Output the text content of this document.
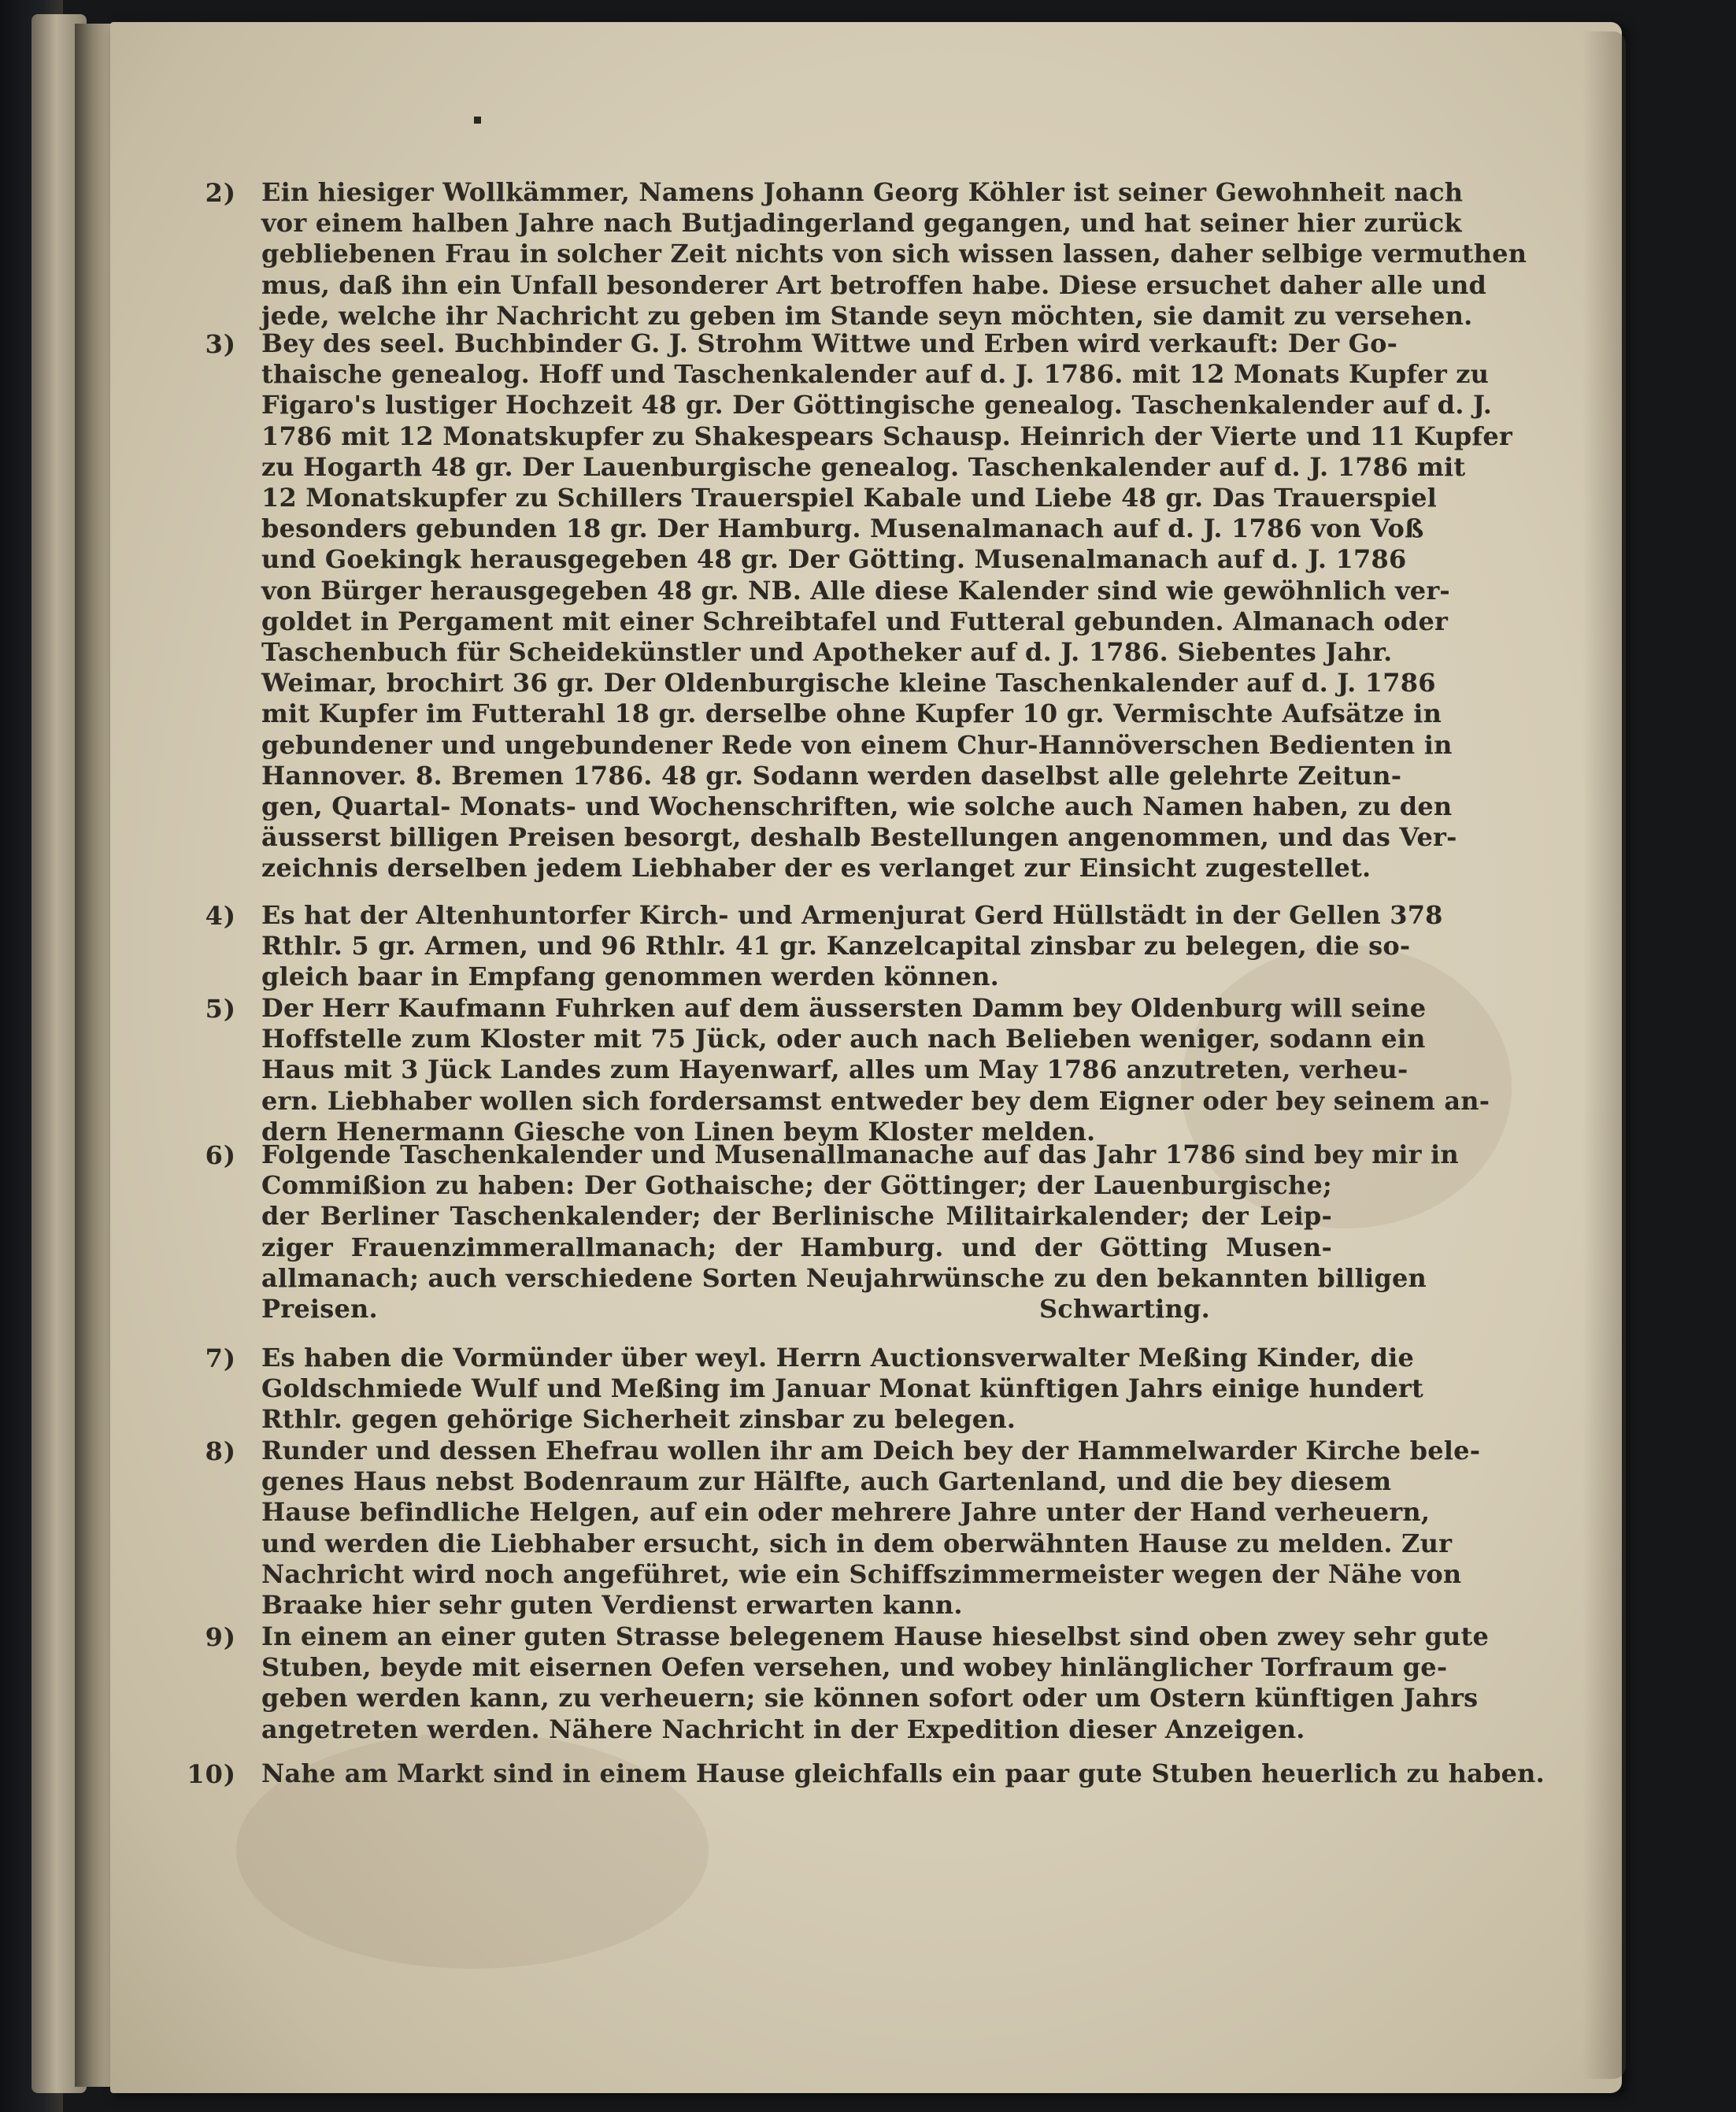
2) Ein hiesiger Wollkämmer, Namens Johann Georg Köhler ist seiner Gewohnheit nach
vor einem halben Jahre nach Butjadingerland gegangen, und hat seiner hier zurück
gebliebenen Frau in solcher Zeit nichts von sich wissen lassen, daher selbige vermuthen
mus, daß ihn ein Unfall besonderer Art betroffen habe. Diese ersuchet daher alle und
jede, welche ihr Nachricht zu geben im Stande seyn möchten, sie damit zu versehen.
3) Bey des seel. Buchbinder G. J. Strohm Wittwe und Erben wird verkauft: Der Go-
thaische genealog. Hoff und Taschenkalender auf d. J. 1786. mit 12 Monats Kupfer zu
Figaro's lustiger Hochzeit 48 gr. Der Göttingische genealog. Taschenkalender auf d. J.
1786 mit 12 Monatskupfer zu Shakespears Schausp. Heinrich der Vierte und 11 Kupfer
zu Hogarth 48 gr. Der Lauenburgische genealog. Taschenkalender auf d. J. 1786 mit
12 Monatskupfer zu Schillers Trauerspiel Kabale und Liebe 48 gr. Das Trauerspiel
besonders gebunden 18 gr. Der Hamburg. Musenalmanach auf d. J. 1786 von Voß
und Goekingk herausgegeben 48 gr. Der Götting. Musenalmanach auf d. J. 1786
von Bürger herausgegeben 48 gr. NB. Alle diese Kalender sind wie gewöhnlich ver-
goldet in Pergament mit einer Schreibtafel und Futteral gebunden. Almanach oder
Taschenbuch für Scheidekünstler und Apotheker auf d. J. 1786. Siebentes Jahr.
Weimar, brochirt 36 gr. Der Oldenburgische kleine Taschenkalender auf d. J. 1786
mit Kupfer im Futterahl 18 gr. derselbe ohne Kupfer 10 gr. Vermischte Aufsätze in
gebundener und ungebundener Rede von einem Chur-Hannöverschen Bedienten in
Hannover. 8. Bremen 1786. 48 gr. Sodann werden daselbst alle gelehrte Zeitun-
gen, Quartal- Monats- und Wochenschriften, wie solche auch Namen haben, zu den
äusserst billigen Preisen besorgt, deshalb Bestellungen angenommen, und das Ver-
zeichnis derselben jedem Liebhaber der es verlanget zur Einsicht zugestellet.
4) Es hat der Altenhuntorfer Kirch- und Armenjurat Gerd Hüllstädt in der Gellen 378
Rthlr. 5 gr. Armen, und 96 Rthlr. 41 gr. Kanzelcapital zinsbar zu belegen, die so-
gleich baar in Empfang genommen werden können.
5) Der Herr Kaufmann Fuhrken auf dem äussersten Damm bey Oldenburg will seine
Hoffstelle zum Kloster mit 75 Jück, oder auch nach Belieben weniger, sodann ein
Haus mit 3 Jück Landes zum Hayenwarf, alles um May 1786 anzutreten, verheu-
ern. Liebhaber wollen sich fordersamst entweder bey dem Eigner oder bey seinem an-
dern Henermann Giesche von Linen beym Kloster melden.
6) Folgende Taschenkalender und Musenallmanache auf das Jahr 1786 sind bey mir in
Commißion zu haben: Der Gothaische; der Göttinger; der Lauenburgische;
der Berliner Taschenkalender; der Berlinische Militairkalender; der Leip-
ziger Frauenzimmerallmanach; der Hamburg. und der Götting Musen-
allmanach; auch verschiedene Sorten Neujahrwünsche zu den bekannten billigen
Preisen.	Schwarting.
7) Es haben die Vormünder über weyl. Herrn Auctionsverwalter Meßing Kinder, die
Goldschmiede Wulf und Meßing im Januar Monat künftigen Jahrs einige hundert
Rthlr. gegen gehörige Sicherheit zinsbar zu belegen.
8) Runder und dessen Ehefrau wollen ihr am Deich bey der Hammelwarder Kirche bele-
genes Haus nebst Bodenraum zur Hälfte, auch Gartenland, und die bey diesem
Hause befindliche Helgen, auf ein oder mehrere Jahre unter der Hand verheuern,
und werden die Liebhaber ersucht, sich in dem oberwähnten Hause zu melden. Zur
Nachricht wird noch angeführet, wie ein Schiffszimmermeister wegen der Nähe von
Braake hier sehr guten Verdienst erwarten kann.
9) In einem an einer guten Strasse belegenem Hause hieselbst sind oben zwey sehr gute
Stuben, beyde mit eisernen Oefen versehen, und wobey hinlänglicher Torfraum ge-
geben werden kann, zu verheuern; sie können sofort oder um Ostern künftigen Jahrs
angetreten werden. Nähere Nachricht in der Expedition dieser Anzeigen.
10) Nahe am Markt sind in einem Hause gleichfalls ein paar gute Stuben heuerlich zu haben.
